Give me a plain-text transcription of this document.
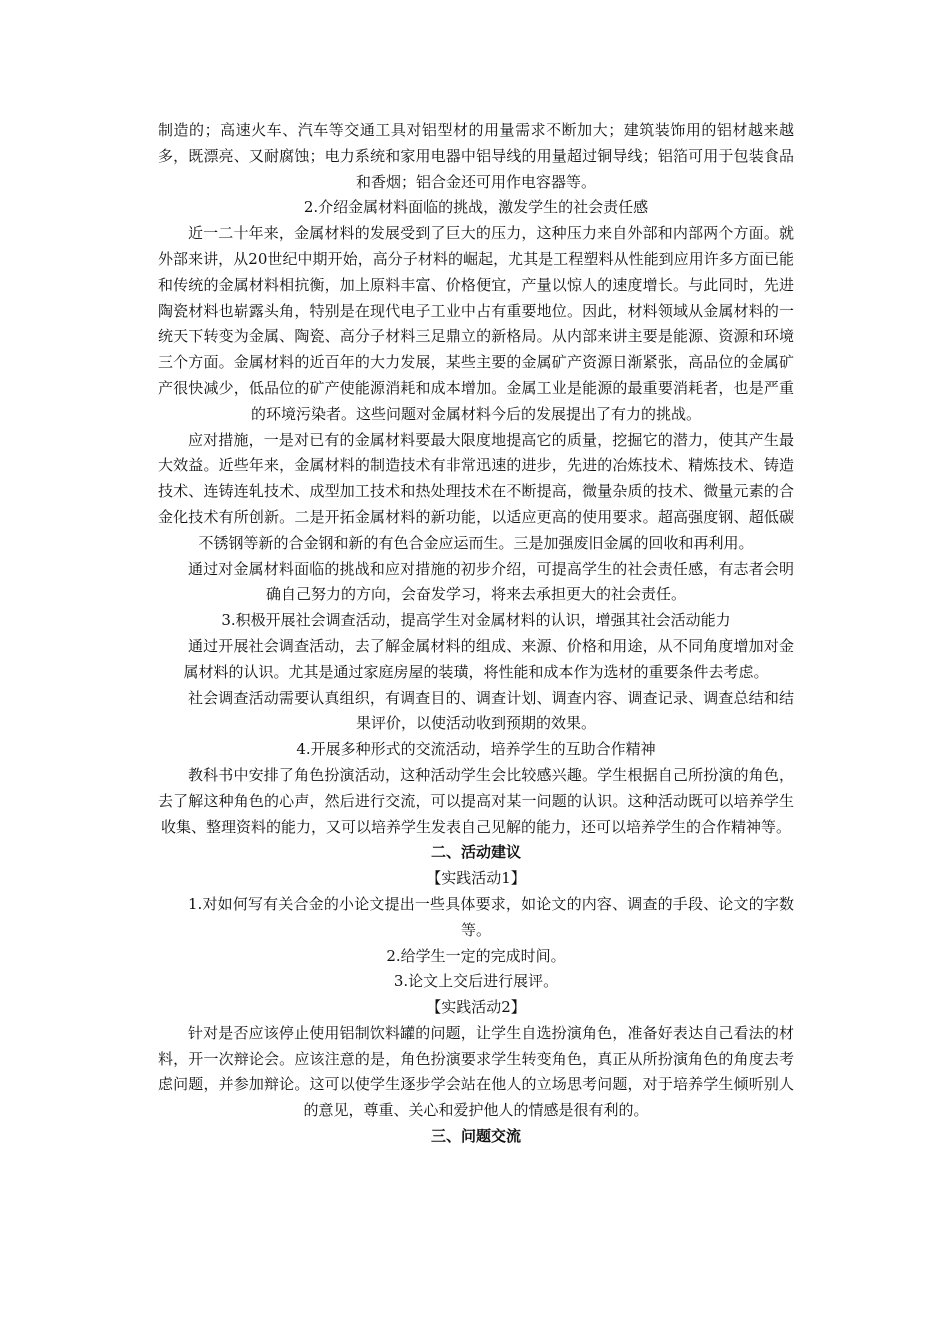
制造的；高速火车、汽车等交通工具对铝型材的用量需求不断加大；建筑装饰用的铝材越来越多，既漂亮、又耐腐蚀；电力系统和家用电器中铝导线的用量超过铜导线；铝箔可用于包装食品和香烟；铝合金还可用作电容器等。

2.介绍金属材料面临的挑战，激发学生的社会责任感

近一二十年来，金属材料的发展受到了巨大的压力，这种压力来自外部和内部两个方面。就外部来讲，从20世纪中期开始，高分子材料的崛起，尤其是工程塑料从性能到应用许多方面已能和传统的金属材料相抗衡，加上原料丰富、价格便宜，产量以惊人的速度增长。与此同时，先进陶瓷材料也崭露头角，特别是在现代电子工业中占有重要地位。因此，材料领域从金属材料的一统天下转变为金属、陶瓷、高分子材料三足鼎立的新格局。从内部来讲主要是能源、资源和环境三个方面。金属材料的近百年的大力发展，某些主要的金属矿产资源日渐紧张，高品位的金属矿产很快减少，低品位的矿产使能源消耗和成本增加。金属工业是能源的最重要消耗者，也是严重的环境污染者。这些问题对金属材料今后的发展提出了有力的挑战。

应对措施，一是对已有的金属材料要最大限度地提高它的质量，挖掘它的潜力，使其产生最大效益。近些年来，金属材料的制造技术有非常迅速的进步，先进的冶炼技术、精炼技术、铸造技术、连铸连轧技术、成型加工技术和热处理技术在不断提高，微量杂质的技术、微量元素的合金化技术有所创新。二是开拓金属材料的新功能，以适应更高的使用要求。超高强度钢、超低碳不锈钢等新的合金钢和新的有色合金应运而生。三是加强废旧金属的回收和再利用。

通过对金属材料面临的挑战和应对措施的初步介绍，可提高学生的社会责任感，有志者会明确自己努力的方向，会奋发学习，将来去承担更大的社会责任。

3.积极开展社会调查活动，提高学生对金属材料的认识，增强其社会活动能力

通过开展社会调查活动，去了解金属材料的组成、来源、价格和用途，从不同角度增加对金属材料的认识。尤其是通过家庭房屋的装璜，将性能和成本作为选材的重要条件去考虑。

社会调查活动需要认真组织，有调查目的、调查计划、调查内容、调查记录、调查总结和结果评价，以使活动收到预期的效果。

4.开展多种形式的交流活动，培养学生的互助合作精神

教科书中安排了角色扮演活动，这种活动学生会比较感兴趣。学生根据自己所扮演的角色，去了解这种角色的心声，然后进行交流，可以提高对某一问题的认识。这种活动既可以培养学生收集、整理资料的能力，又可以培养学生发表自己见解的能力，还可以培养学生的合作精神等。

二、活动建议

【实践活动1】

1.对如何写有关合金的小论文提出一些具体要求，如论文的内容、调查的手段、论文的字数等。

2.给学生一定的完成时间。

3.论文上交后进行展评。

【实践活动2】

针对是否应该停止使用铝制饮料罐的问题，让学生自选扮演角色，准备好表达自己看法的材料，开一次辩论会。应该注意的是，角色扮演要求学生转变角色，真正从所扮演角色的角度去考虑问题，并参加辩论。这可以使学生逐步学会站在他人的立场思考问题，对于培养学生倾听别人的意见，尊重、关心和爱护他人的情感是很有利的。

三、问题交流
